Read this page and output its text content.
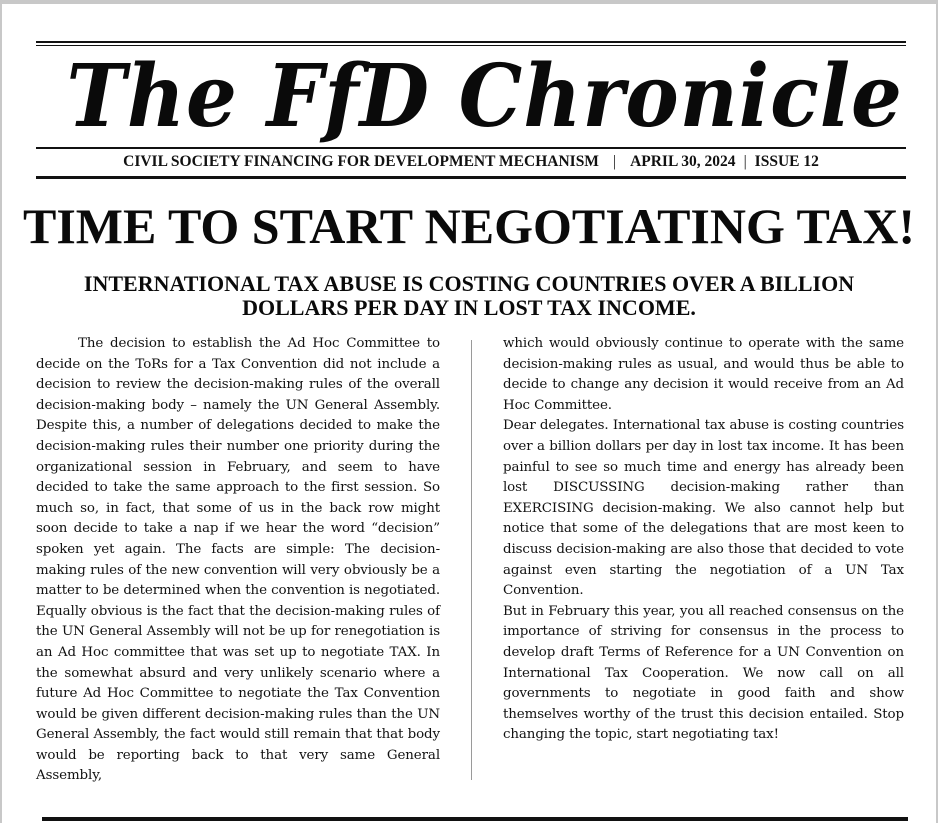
The FfD Chronicle
CIVIL SOCIETY FINANCING FOR DEVELOPMENT MECHANISM | APRIL 30, 2024 | ISSUE 12
TIME TO START NEGOTIATING TAX!
INTERNATIONAL TAX ABUSE IS COSTING COUNTRIES OVER A BILLION DOLLARS PER DAY IN LOST TAX INCOME.

The decision to establish the Ad Hoc Committee to decide on the ToRs for a Tax Convention did not include a decision to review the decision-making rules of the overall decision-making body – namely the UN General Assembly. Despite this, a number of delegations decided to make the decision-making rules their number one priority during the organizational session in February, and seem to have decided to take the same approach to the first session. So much so, in fact, that some of us in the back row might soon decide to take a nap if we hear the word “decision” spoken yet again. The facts are simple: The decision-making rules of the new convention will very obviously be a matter to be determined when the convention is negotiated. Equally obvious is the fact that the decision-making rules of the UN General Assembly will not be up for renegotiation is an Ad Hoc committee that was set up to negotiate TAX. In the somewhat absurd and very unlikely scenario where a future Ad Hoc Committee to negotiate the Tax Convention would be given different decision-making rules than the UN General Assembly, the fact would still remain that that body would be reporting back to that very same General Assembly,

which would obviously continue to operate with the same decision-making rules as usual, and would thus be able to decide to change any decision it would receive from an Ad Hoc Committee.

Dear delegates. International tax abuse is costing countries over a billion dollars per day in lost tax income. It has been painful to see so much time and energy has already been lost DISCUSSING decision-making rather than EXERCISING decision-making. We also cannot help but notice that some of the delegations that are most keen to discuss decision-making are also those that decided to vote against even starting the negotiation of a UN Tax Convention.

But in February this year, you all reached consensus on the importance of striving for consensus in the process to develop draft Terms of Reference for a UN Convention on International Tax Cooperation. We now call on all governments to negotiate in good faith and show themselves worthy of the trust this decision entailed. Stop changing the topic, start negotiating tax!
